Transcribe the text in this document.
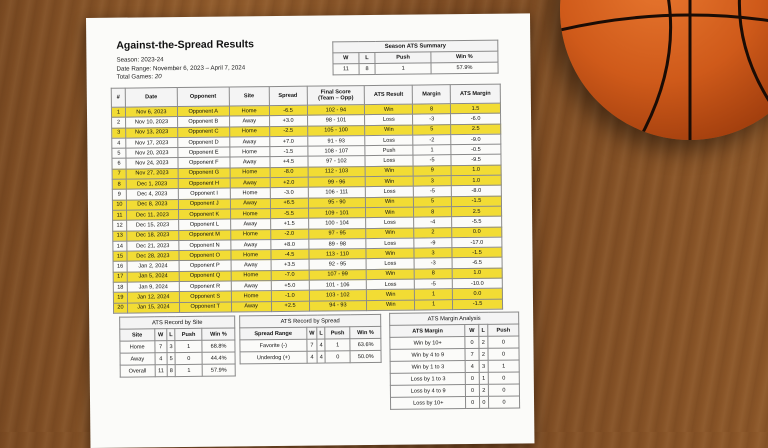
Against-the-Spread Results
Season: 2023-24
Date Range: November 6, 2023 – April 7, 2024
Total Games: 20
Season ATS Summary			
W	L	Push	Win %
11	8	1	57.9%
#	Date	Opponent	Site	Spread	Final Score
(Team – Opp)	ATS Result	Margin	ATS Margin
1	Nov 6, 2023	Opponent A	Home	-6.5	102 - 94	Win	8	1.5
2	Nov 10, 2023	Opponent B	Away	+3.0	98 - 101	Loss	-3	-6.0
3	Nov 13, 2023	Opponent C	Home	-2.5	105 - 100	Win	5	2.5
4	Nov 17, 2023	Opponent D	Away	+7.0	91 - 93	Loss	-2	-9.0
5	Nov 20, 2023	Opponent E	Home	-1.5	108 - 107	Push	1	-0.5
6	Nov 24, 2023	Opponent F	Away	+4.5	97 - 102	Loss	-5	-9.5
7	Nov 27, 2023	Opponent G	Home	-8.0	112 - 103	Win	9	1.0
8	Dec 1, 2023	Opponent H	Away	+2.0	99 - 96	Win	3	1.0
9	Dec 4, 2023	Opponent I	Home	-3.0	106 - 111	Loss	-5	-8.0
10	Dec 8, 2023	Opponent J	Away	+6.5	95 - 90	Win	5	-1.5
11	Dec 11, 2023	Opponent K	Home	-5.5	109 - 101	Win	8	2.5
12	Dec 15, 2023	Opponent L	Away	+1.5	100 - 104	Loss	-4	-5.5
13	Dec 18, 2023	Opponent M	Home	-2.0	97 - 95	Win	2	0.0
14	Dec 21, 2023	Opponent N	Away	+8.0	89 - 98	Loss	-9	-17.0
15	Dec 28, 2023	Opponent O	Home	-4.5	113 - 110	Win	3	-1.5
16	Jan 2, 2024	Opponent P	Away	+3.5	92 - 95	Loss	-3	-6.5
17	Jan 5, 2024	Opponent Q	Home	-7.0	107 - 99	Win	8	1.0
18	Jan 9, 2024	Opponent R	Away	+5.0	101 - 106	Loss	-5	-10.0
19	Jan 12, 2024	Opponent S	Home	-1.0	103 - 102	Win	1	0.0
20	Jan 15, 2024	Opponent T	Away	+2.5	94 - 93	Win	1	-1.5
ATS Record by Site				
Site	W	L	Push	Win %
Home	7	3	1	68.8%
Away	4	5	0	44.4%
Overall	11	8	1	57.9%
ATS Record by Spread				
Spread Range	W	L	Push	Win %
Favorite (-)	7	4	1	63.6%
Underdog (+)	4	4	0	50.0%
ATS Margin Analysis			
ATS Margin	W	L	Push
Win by 10+	0	2	0
Win by 4 to 9	7	2	0
Win by 1 to 3	4	3	1
Loss by 1 to 3	0	1	0
Loss by 4 to 9	0	2	0
Loss by 10+	0	0	0
